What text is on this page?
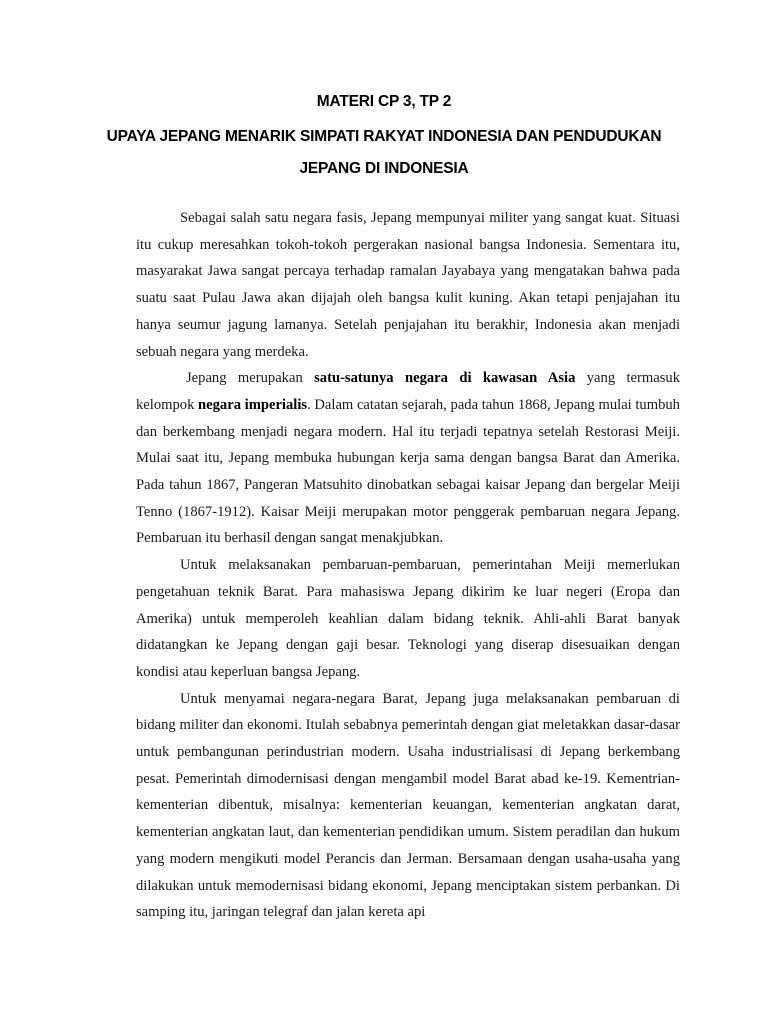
MATERI CP 3, TP 2
UPAYA JEPANG MENARIK SIMPATI RAKYAT INDONESIA DAN PENDUDUKAN
JEPANG DI INDONESIA

Sebagai salah satu negara fasis, Jepang mempunyai militer yang sangat kuat. Situasi itu cukup meresahkan tokoh-tokoh pergerakan nasional bangsa Indonesia. Sementara itu, masyarakat Jawa sangat percaya terhadap ramalan Jayabaya yang mengatakan bahwa pada suatu saat Pulau Jawa akan dijajah oleh bangsa kulit kuning. Akan tetapi penjajahan itu hanya seumur jagung lamanya. Setelah penjajahan itu berakhir, Indonesia akan menjadi sebuah negara yang merdeka.

Jepang merupakan satu-satunya negara di kawasan Asia yang termasuk kelompok negara imperialis. Dalam catatan sejarah, pada tahun 1868, Jepang mulai tumbuh dan berkembang menjadi negara modern. Hal itu terjadi tepatnya setelah Restorasi Meiji. Mulai saat itu, Jepang membuka hubungan kerja sama dengan bangsa Barat dan Amerika. Pada tahun 1867, Pangeran Matsuhito dinobatkan sebagai kaisar Jepang dan bergelar Meiji Tenno (1867-1912). Kaisar Meiji merupakan motor penggerak pembaruan negara Jepang. Pembaruan itu berhasil dengan sangat menakjubkan.

Untuk melaksanakan pembaruan-pembaruan, pemerintahan Meiji memerlukan pengetahuan teknik Barat. Para mahasiswa Jepang dikirim ke luar negeri (Eropa dan Amerika) untuk memperoleh keahlian dalam bidang teknik. Ahli-ahli Barat banyak didatangkan ke Jepang dengan gaji besar. Teknologi yang diserap disesuaikan dengan kondisi atau keperluan bangsa Jepang.

Untuk menyamai negara-negara Barat, Jepang juga melaksanakan pembaruan di bidang militer dan ekonomi. Itulah sebabnya pemerintah dengan giat meletakkan dasar-dasar untuk pembangunan perindustrian modern. Usaha industrialisasi di Jepang berkembang pesat. Pemerintah dimodernisasi dengan mengambil model Barat abad ke-19. Kementrian-kementerian dibentuk, misalnya: kementerian keuangan, kementerian angkatan darat, kementerian angkatan laut, dan kementerian pendidikan umum. Sistem peradilan dan hukum yang modern mengikuti model Perancis dan Jerman. Bersamaan dengan usaha-usaha yang dilakukan untuk memodernisasi bidang ekonomi, Jepang menciptakan sistem perbankan. Di samping itu, jaringan telegraf dan jalan kereta api
